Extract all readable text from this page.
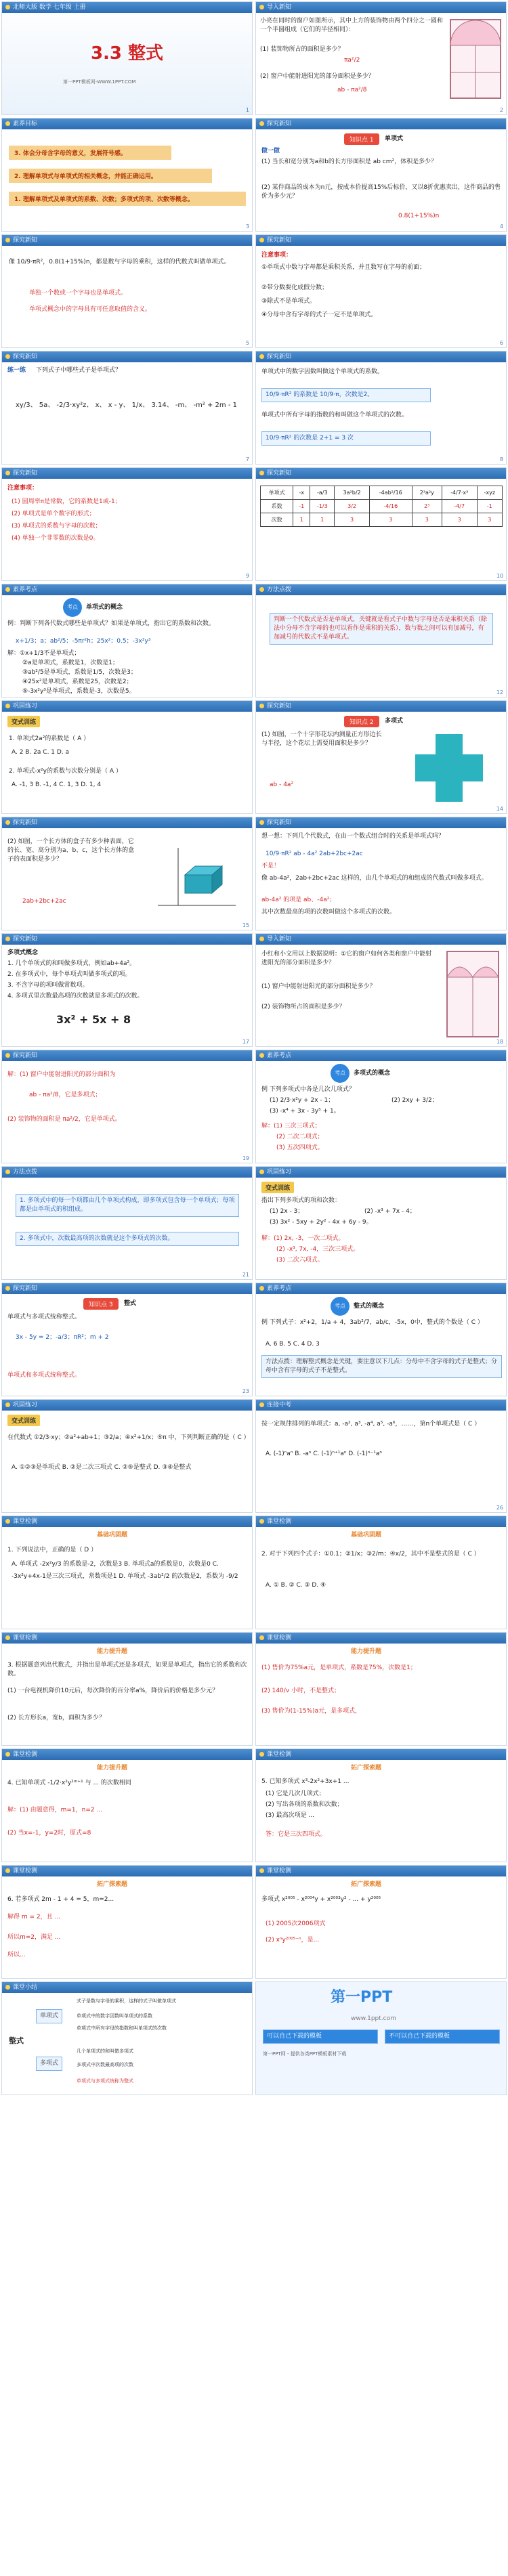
北师大版 数学 七年级 上册
3.3 整式
第一PPT模板网-WWW.1PPT.COM
1
导入新知
小亮在同时的窗户如图所示，其中上方的装饰物由两个四分之一圆和一个半圆组成（它们的半径相同）：
(1) 装饰物所占的面积是多少？
πa²/2
(2) 窗户中能射进阳光的部分面积是多少？
ab - πa²/8
2
素养目标
3. 体会分母含字母的意义，发展符号感。
2. 理解单项式与单项式的相关概念，并能正确运用。
1. 理解单项式及单项式的系数、次数；多项式的项、次数等概念。
3
探究新知
知识点 1	单项式
做一做
(1) 当长和宽分别为a和b的长方形面积是 ab cm²，体积是多少？
(2) 某件商品的成本为n元，按成本价提高15%后标价，又以8折优惠卖出，这件商品的售价为多少元？
0.8(1+15%)n
4
探究新知
像 10/9·πR²，0.8(1+15%)n，都是数与字母的乘积，这样的代数式叫做单项式。
单独一个数或一个字母也是单项式。
单项式概念中的字母具有可任意取值的含义。
5
探究新知
注意事项：
①单项式中数与字母都是乘积关系，并且数写在字母的前面；
②带分数要化成假分数；
③除式不是单项式。
④分母中含有字母的式子一定不是单项式。
6
探究新知
练一练 下列式子中哪些式子是单项式？
xy/3、 5a、 -2/3·xy²z、 x、 x - y、 1/x、 3.14、 -m、 -m² + 2m - 1
7
探究新知
单项式中的数字因数叫做这个单项式的系数。
10/9·πR² 的系数是 10/9·π，次数是2。
单项式中所有字母的指数的和叫做这个单项式的次数。
10/9·πR² 的次数是 2+1 = 3 次
8
探究新知
注意事项：
(1) 圆周率π是常数，它的系数是1或-1；
(2) 单项式是单个数字的形式；
(3) 单项式的系数与字母的次数；
(4) 单独一个非零数的次数是0。
9
探究新知
单项式	-x	-a/3	3a²b/2	-4ab²/16	2³a²y	-4/7·x³	-xyz
系数	-1	-1/3	3/2	-4/16	2³	-4/7	-1
次数	1	1	3	3	3	3	3
10
素养考点
考点	单项式的概念
例：判断下列各代数式哪些是单项式？如果是单项式，指出它的系数和次数。
x+1/3；a；ab²/5；-5πr²h；25x²；0.5；-3x²y³
解：①x+1/3不是单项式；
②a是单项式，系数是1，次数是1；
③ab²/5是单项式，系数是1/5，次数是3；
④25x²是单项式，系数是25，次数是2；
⑤-3x²y³是单项式，系数是-3，次数是5。
方法点拨
判断一个代数式是否是单项式，关键就是看式子中数与字母是否是乘积关系（除法中分母不含字母的也可以看作是乘积的关系），数与数之间可以有加减号，有加减号的代数式不是单项式。
12
巩固练习
变式训练
1. 单项式2a²的系数是（ A ）
A. 2 B. 2a C. 1 D. a
2. 单项式-x²y的系数与次数分别是（ A ）
A. -1, 3 B. -1, 4 C. 1, 3 D. 1, 4
探究新知
知识点 2	多项式
(1) 如图，一个十字形花坛内测量正方形边长与半径，这个花坛上需要用面积是多少？
ab - 4a²
14
探究新知
(2) 如图，一个长方体的盒子有多少种表面，它的长、宽、高分别为a、b、c，这个长方体的盒子的表面积是多少？
2ab+2bc+2ac
15
探究新知
想一想：下列几个代数式，在由一个数式组合时的关系是单项式吗？
10/9·πR² ab - 4a² 2ab+2bc+2ac
不是！
像 ab-4a²，2ab+2bc+2ac 这样的，由几个单项式的和组成的代数式叫做多项式。
ab-4a² 的项是 ab、-4a²；
其中次数最高的项的次数叫做这个多项式的次数。
探究新知
多项式概念
1. 几个单项式的和叫做多项式，例如ab+4a²。
2. 在多项式中，每个单项式叫做多项式的项。
3. 不含字母的项叫做常数项。
4. 多项式里次数最高项的次数就是多项式的次数。
3x² + 5x + 8
17
导入新知
小红和小文用以上数据说明：①它的窗户如何各类和窗户中能射进阳光的部分面积是多少？
(1) 窗户中能射进阳光的部分面积是多少？
(2) 装饰物所占的面积是多少？
18
探究新知
解：(1) 窗户中能射进阳光的部分面积为
ab - πa²/8，它是多项式；
(2) 装饰物的面积是 πa²/2，它是单项式。
19
素养考点
考点	多项式的概念
例 下列多项式中各是几次几项式？
(1) 2/3·x²y + 2x - 1；	(2) 2xy + 3/2；
(3) -x⁴ + 3x - 3y⁵ + 1。
解：(1) 三次三项式；
(2) 二次二项式；
(3) 五次四项式。
方法点拨
1. 多项式中的每一个项都由几个单项式构成，即多项式包含每一个单项式；每项都是由单项式的积组成。
2. 多项式中，次数最高项的次数就是这个多项式的次数。
21
巩固练习
变式训练
指出下列多项式的项和次数：
(1) 2x - 3；	(2) -x³ + 7x - 4；
(3) 3x² - 5xy + 2y² - 4x + 6y - 9。
解：(1) 2x, -3，一次二项式。
(2) -x³, 7x, -4，三次三项式。
(3) 二次六项式。
探究新知
知识点 3	整式
单项式与多项式统称整式。
3x - 5y = 2；-a/3；πR²；m + 2
单项式和多项式统称整式。
23
素养考点
考点	整式的概念
例 下列式子：x²+2，1/a + 4，3ab²/7，ab/c，-5x，0中，整式的个数是（ C ）
A. 6 B. 5 C. 4 D. 3
方法点拨：理解整式概念是关键，要注意以下几点：分母中不含字母的式子是整式；分母中含有字母的式子不是整式。
巩固练习
变式训练
在代数式 ①2/3·xy；②a²+ab+1；③2/a；④x²+1/x；⑤π 中，下列判断正确的是（ C ）
A. ①②③是单项式 B. ②是二次三项式 C. ②⑤是整式 D. ③④是整式
连接中考
按一定规律排列的单项式：a, -a², a³, -a⁴, a⁵, -a⁶，……，第n个单项式是（ C ）
A. (-1)ⁿaⁿ B. -aⁿ C. (-1)ⁿ⁺¹aⁿ D. (-1)ⁿ⁻¹aⁿ
26
课堂检测
基础巩固题
1. 下列说法中，正确的是（ D ）
A. 单项式 -2x²y/3 的系数是-2，次数是3 B. 单项式a的系数是0，次数是0 C. -3x²y+4x-1是三次三项式，常数项是1 D. 单项式 -3ab²/2 的次数是2，系数为 -9/2
课堂检测
基础巩固题
2. 对于下列四个式子：①0.1；②1/x；③2/m；④x/2，其中不是整式的是（ C ）
A. ① B. ② C. ③ D. ④
课堂检测
能力提升题
3. 根据题意列出代数式，并指出是单项式还是多项式，如果是单项式，指出它的系数和次数。
(1) 一台电视机降价10元后，每次降价的百分率a%，降价后的价格是多少元？
(2) 长方形长a，宽b，面积为多少？
课堂检测
能力提升题
(1) 售价为75%a元，是单项式，系数是75%，次数是1；
(2) 140/v 小时，不是整式；
(3) 售价为(1-15%)a元，是多项式，
课堂检测
能力提升题
4. 已知单项式 -1/2·x²y²ᵐ⁺¹ 与 ... 的次数相同
解：(1) 由题意得，m=1，n=2 ...
(2) 当x=-1，y=2时，原式=8
课堂检测
拓广探索题
5. 已知多项式 x³-2x²+3x+1 ...
(1) 它是几次几项式；
(2) 写出各项的系数和次数；
(3) 最高次项是 ...
答：它是三次四项式。
课堂检测
拓广探索题
6. 若多项式 2m - 1 + 4 = 5，m=2...
解得 m = 2，且 ...
所以m=2，满足 ...
所以...
课堂检测
拓广探索题
多项式 x²⁰⁰⁵ - x²⁰⁰⁴y + x²⁰⁰³y² - ... + y²⁰⁰⁵
(1) 2005次2006项式
(2) xⁿy²⁰⁰⁵⁻ⁿ，是...
课堂小结
整式
单项式
多项式
式子是数与字母的乘积，这样的式子叫做单项式
单项式中的数字因数叫单项式的系数
单项式中所有字母的指数和叫单项式的次数
几个单项式的和叫做多项式
多项式中次数最高项的次数
单项式与多项式统称为整式
第一PPT
www.1ppt.com
可以自己下载的模板	不可以自己下载的模板
第一PPT网 - 提供各类PPT模板素材下载
